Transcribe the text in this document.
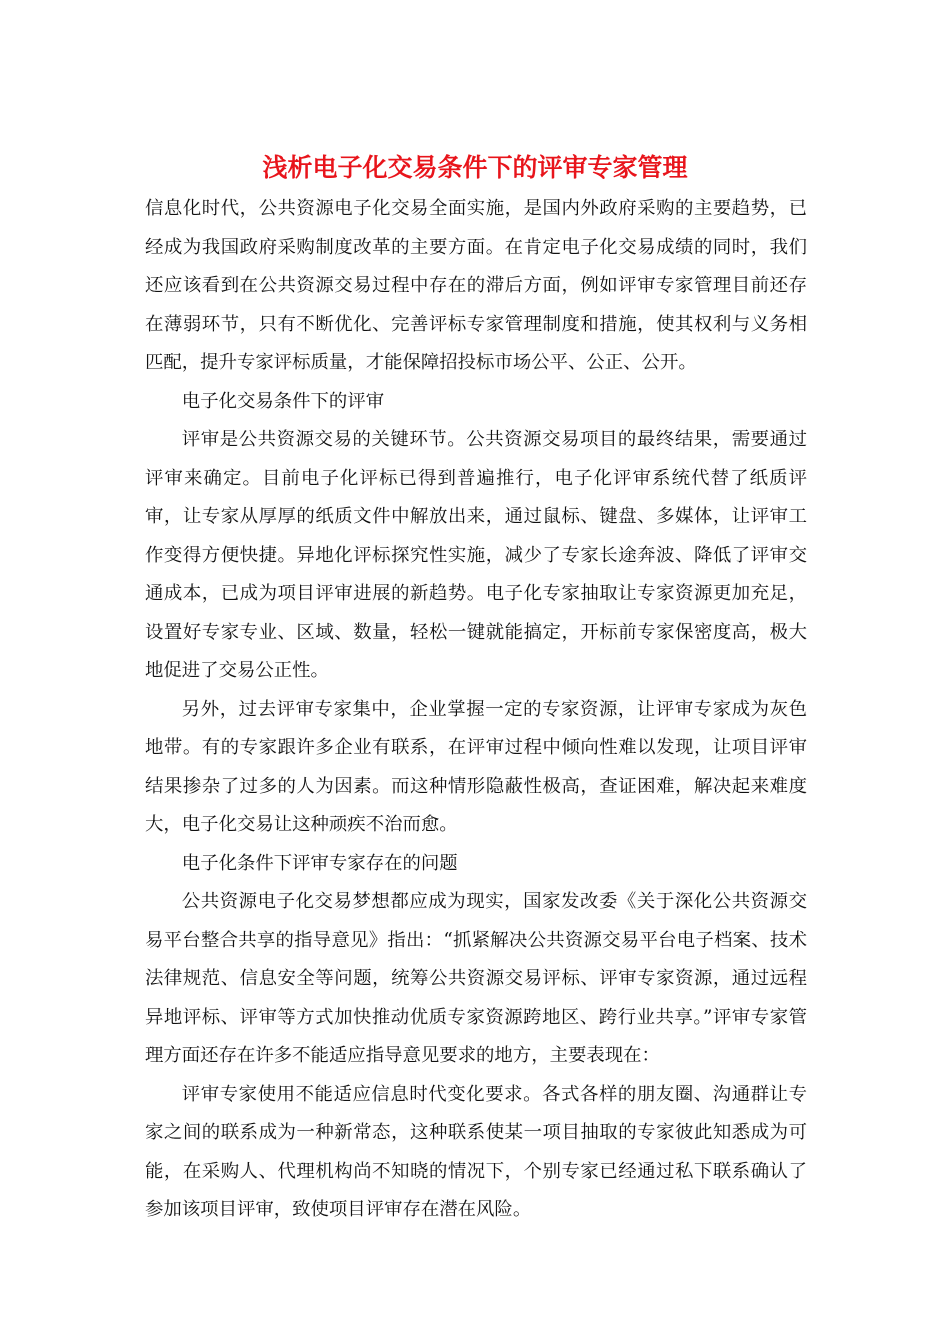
浅析电子化交易条件下的评审专家管理

信息化时代，公共资源电子化交易全面实施，是国内外政府采购的主要趋势，已经成为我国政府采购制度改革的主要方面。在肯定电子化交易成绩的同时，我们还应该看到在公共资源交易过程中存在的滞后方面，例如评审专家管理目前还存在薄弱环节，只有不断优化、完善评标专家管理制度和措施，使其权利与义务相匹配，提升专家评标质量，才能保障招投标市场公平、公正、公开。

电子化交易条件下的评审

评审是公共资源交易的关键环节。公共资源交易项目的最终结果，需要通过评审来确定。目前电子化评标已得到普遍推行，电子化评审系统代替了纸质评审，让专家从厚厚的纸质文件中解放出来，通过鼠标、键盘、多媒体，让评审工作变得方便快捷。异地化评标探究性实施，减少了专家长途奔波、降低了评审交通成本，已成为项目评审进展的新趋势。电子化专家抽取让专家资源更加充足，设置好专家专业、区域、数量，轻松一键就能搞定，开标前专家保密度高，极大地促进了交易公正性。

另外，过去评审专家集中，企业掌握一定的专家资源，让评审专家成为灰色地带。有的专家跟许多企业有联系，在评审过程中倾向性难以发现，让项目评审结果掺杂了过多的人为因素。而这种情形隐蔽性极高，查证困难，解决起来难度大，电子化交易让这种顽疾不治而愈。

电子化条件下评审专家存在的问题

公共资源电子化交易梦想都应成为现实，国家发改委《关于深化公共资源交易平台整合共享的指导意见》指出：“抓紧解决公共资源交易平台电子档案、技术法律规范、信息安全等问题，统筹公共资源交易评标、评审专家资源，通过远程异地评标、评审等方式加快推动优质专家资源跨地区、跨行业共享。”评审专家管理方面还存在许多不能适应指导意见要求的地方，主要表现在：

评审专家使用不能适应信息时代变化要求。各式各样的朋友圈、沟通群让专家之间的联系成为一种新常态，这种联系使某一项目抽取的专家彼此知悉成为可能，在采购人、代理机构尚不知晓的情况下，个别专家已经通过私下联系确认了参加该项目评审，致使项目评审存在潜在风险。
